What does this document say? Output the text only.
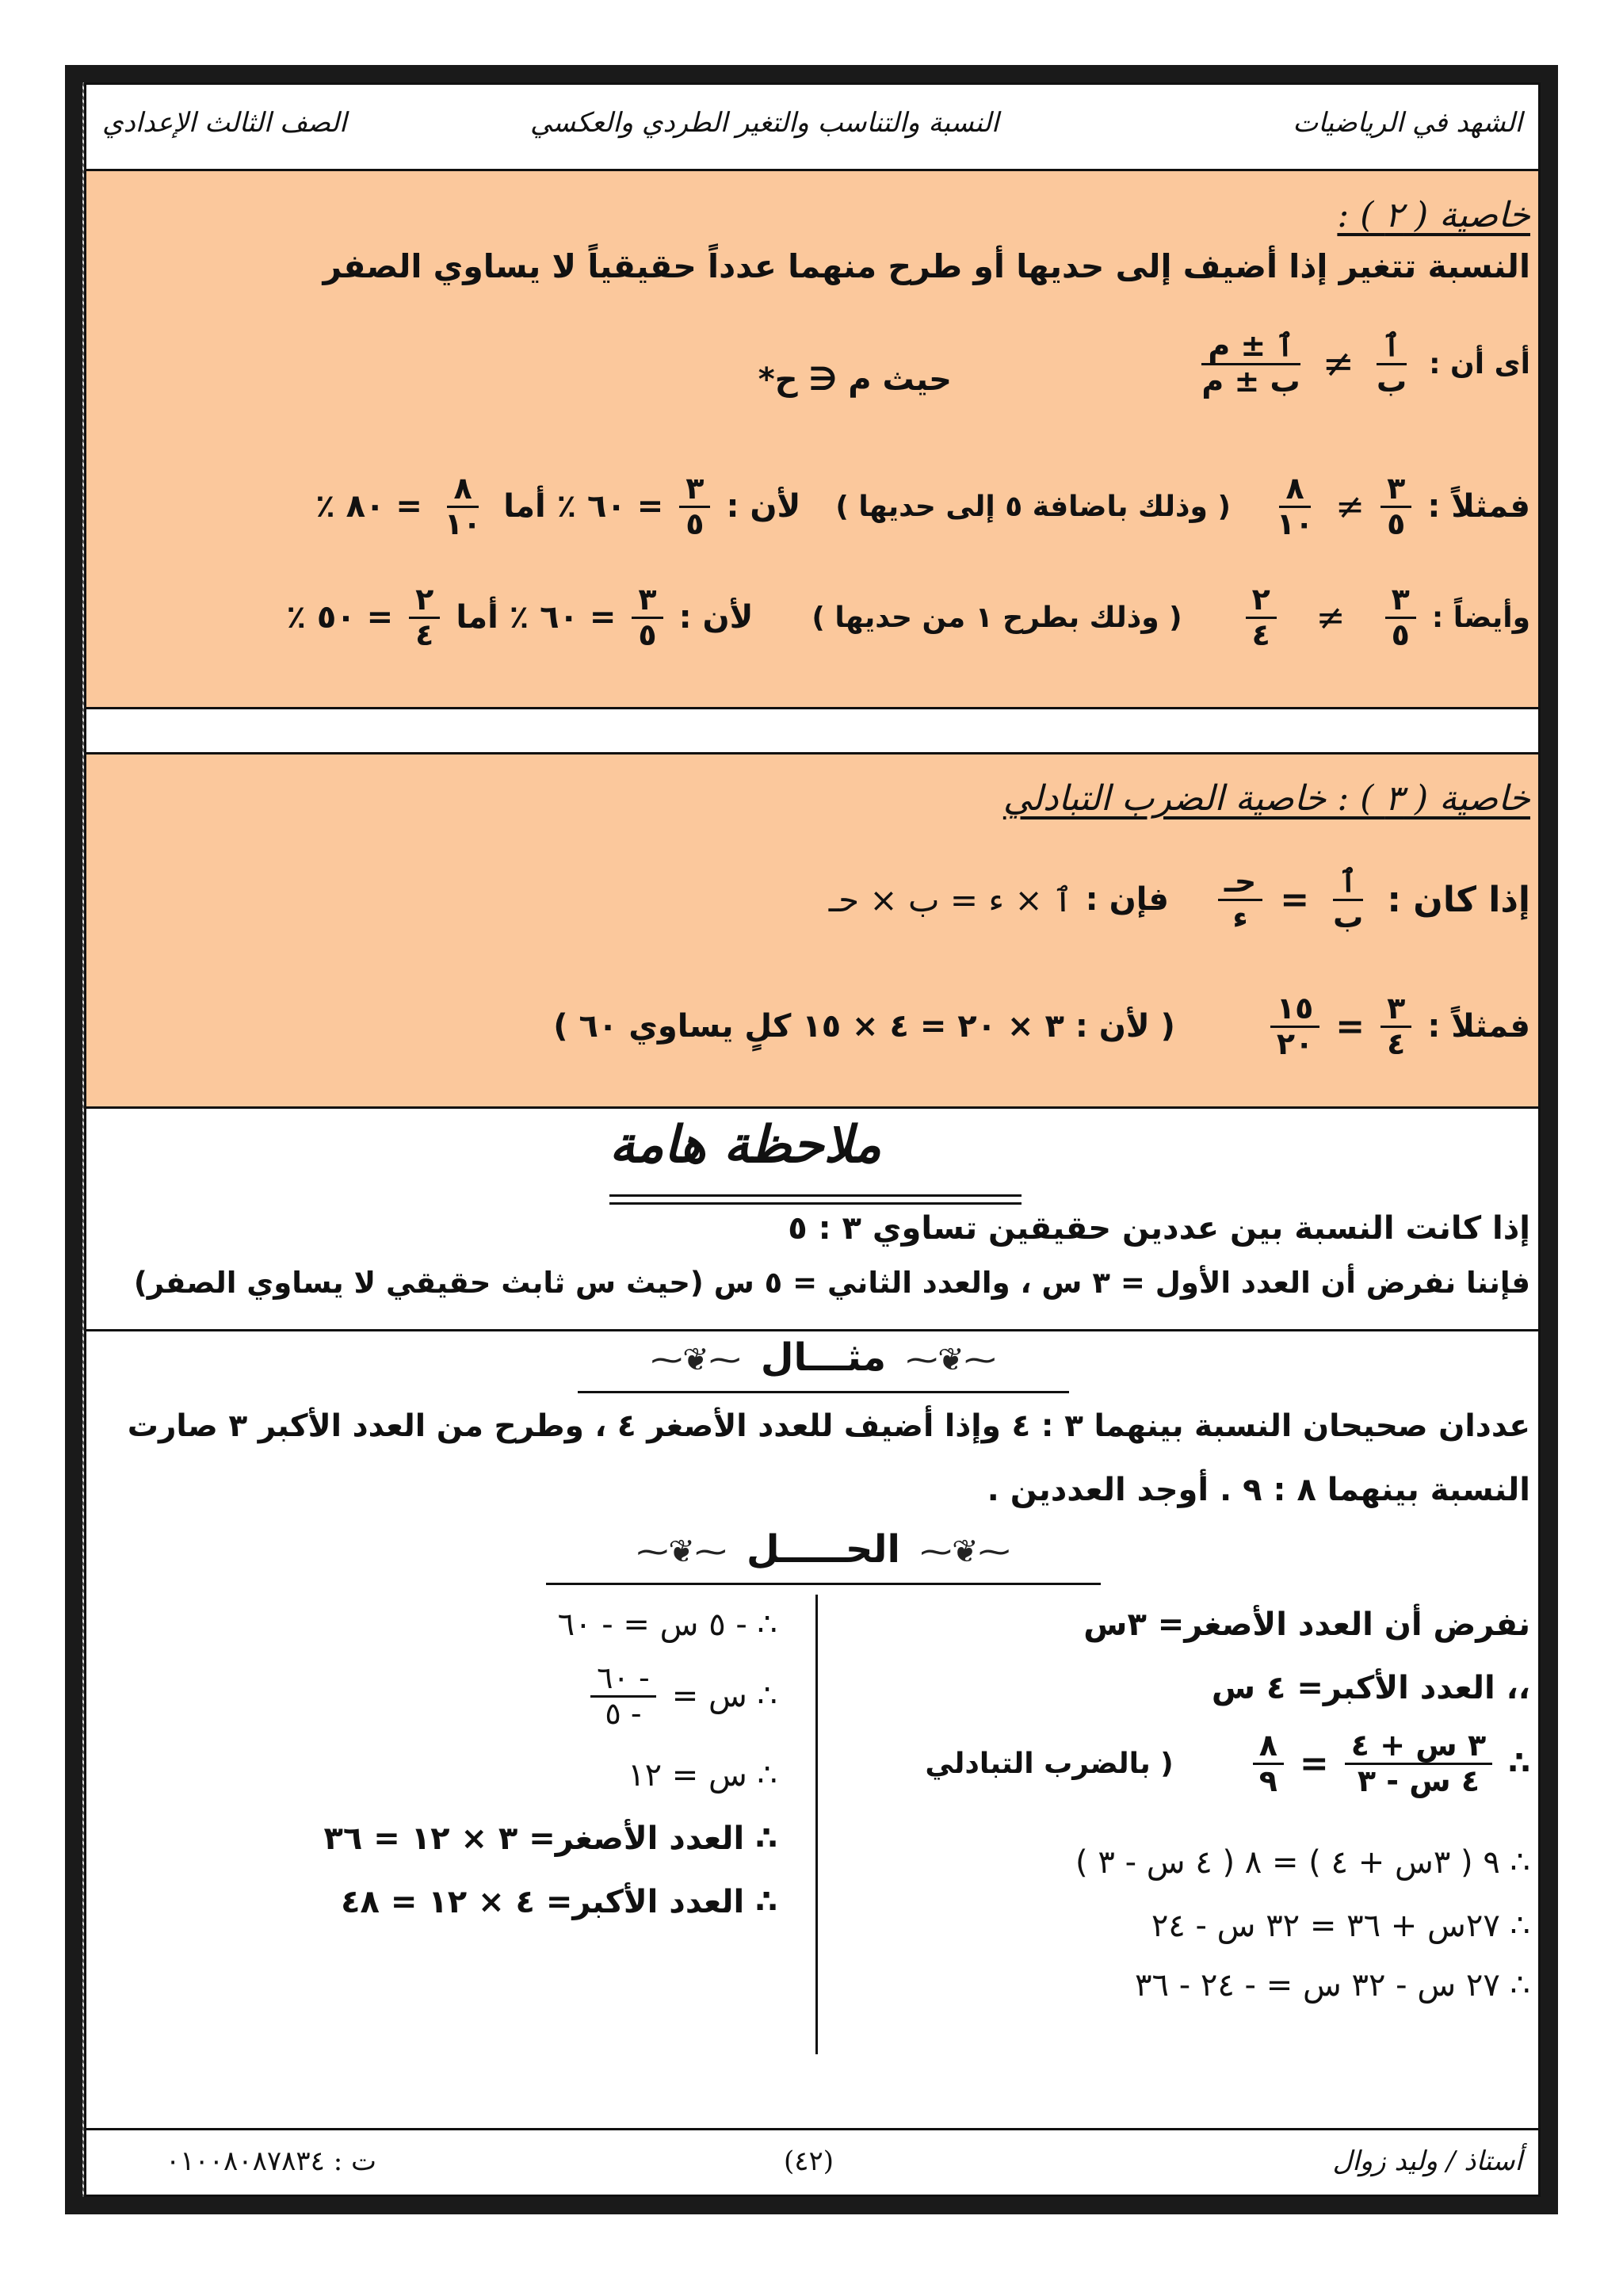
الشهد في الرياضيات
النسبة والتناسب والتغير الطردي والعكسي
الصف الثالث الإعدادي
خاصية ( ٢ ) :
النسبة تتغير إذا أضيف إلى حديها أو طرح منهما عدداً حقيقياً لا يساوي الصفر
أى أن :
$\frac{\text{ٱ}}{\text{ب}}$
≠
$\frac{\text{ٱ ± م}}{\text{ب ± م}}$
حيث م ∈ ح*
فمثلاً :
$\frac{٣}{٥}$
≠
$\frac{٨}{١٠}$
( وذلك باضافة ٥ إلى حديها )
لأن :
$\frac{٣}{٥}$
= ٦٠ ٪ أما
$\frac{٨}{١٠}$
= ٨٠ ٪
وأيضاً :
$\frac{٣}{٥}$
≠
$\frac{٢}{٤}$
( وذلك بطرح ١ من حديها )
لأن :
$\frac{٣}{٥}$
= ٦٠ ٪ أما
$\frac{٢}{٤}$
= ٥٠ ٪
خاصية ( ٣ ) : خاصية الضرب التبادلي
إذا كان :
$\frac{\text{ٱ}}{\text{ب}}$
=
$\frac{\text{حـ}}{\text{ء}}$
فإن :
ٱ × ء = ب × حـ
فمثلاً :
$\frac{٣}{٤}$
=
$\frac{١٥}{٢٠}$
( لأن : ٣ × ٢٠ = ٤ × ١٥ كلٍ يساوي ٦٠ )
ملاحظة هامة
إذا كانت النسبة بين عددين حقيقين تساوي ٣ : ٥
فإننا نفرض أن العدد الأول = ٣ س ، والعدد الثاني = ٥ س (حيث س ثابث حقيقي لا يساوي الصفر)
⁓❦⁓ مثـــال ⁓❦⁓
عددان صحيحان النسبة بينهما ٣ : ٤ وإذا أضيف للعدد الأصغر ٤ ، وطرح من العدد الأكبر ٣ صارت
النسبة بينهما ٨ : ٩ . أوجد العددين .
⁓❦⁓ الحـــــل ⁓❦⁓
نفرض أن العدد الأصغر= ٣س
،، العدد الأكبر= ٤ س
∴
$\frac{\text{٣ س + ٤}}{\text{٤ س - ٣}}$
=
$\frac{٨}{٩}$
( بالضرب التبادلي
∴ ٩ ( ٣س + ٤ ) = ٨ ( ٤ س - ٣ )
∴ ٢٧س + ٣٦ = ٣٢ س - ٢٤
∴ ٢٧ س - ٣٢ س = - ٢٤ - ٣٦
∴ - ٥ س = - ٦٠
∴ س =
$\frac{- ٦٠}{- ٥}$
∴ س = ١٢
∴ العدد الأصغر= ٣ × ١٢ = ٣٦
∴ العدد الأكبر= ٤ × ١٢ = ٤٨
أستاذ / وليد زوال
(٤٢)
ت : ٠١٠٠٨٠٨٧٨٣٤
